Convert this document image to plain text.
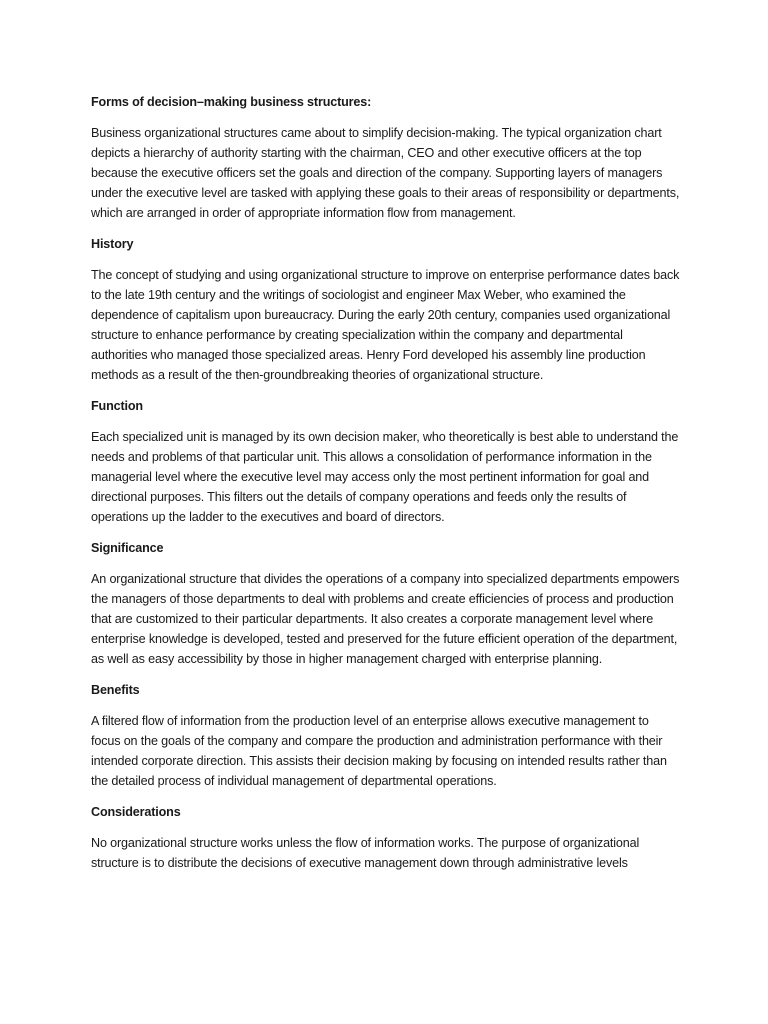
Forms of decision–making business structures:

Business organizational structures came about to simplify decision-making. The typical organization chart depicts a hierarchy of authority starting with the chairman, CEO and other executive officers at the top because the executive officers set the goals and direction of the company. Supporting layers of managers under the executive level are tasked with applying these goals to their areas of responsibility or departments, which are arranged in order of appropriate information flow from management.

History

The concept of studying and using organizational structure to improve on enterprise performance dates back to the late 19th century and the writings of sociologist and engineer Max Weber, who examined the dependence of capitalism upon bureaucracy. During the early 20th century, companies used organizational structure to enhance performance by creating specialization within the company and departmental authorities who managed those specialized areas. Henry Ford developed his assembly line production methods as a result of the then-groundbreaking theories of organizational structure.

Function

Each specialized unit is managed by its own decision maker, who theoretically is best able to understand the needs and problems of that particular unit. This allows a consolidation of performance information in the managerial level where the executive level may access only the most pertinent information for goal and directional purposes. This filters out the details of company operations and feeds only the results of operations up the ladder to the executives and board of directors.

Significance

An organizational structure that divides the operations of a company into specialized departments empowers the managers of those departments to deal with problems and create efficiencies of process and production that are customized to their particular departments. It also creates a corporate management level where enterprise knowledge is developed, tested and preserved for the future efficient operation of the department, as well as easy accessibility by those in higher management charged with enterprise planning.

Benefits

A filtered flow of information from the production level of an enterprise allows executive management to focus on the goals of the company and compare the production and administration performance with their intended corporate direction. This assists their decision making by focusing on intended results rather than the detailed process of individual management of departmental operations.

Considerations

No organizational structure works unless the flow of information works. The purpose of organizational structure is to distribute the decisions of executive management down through administrative levels
